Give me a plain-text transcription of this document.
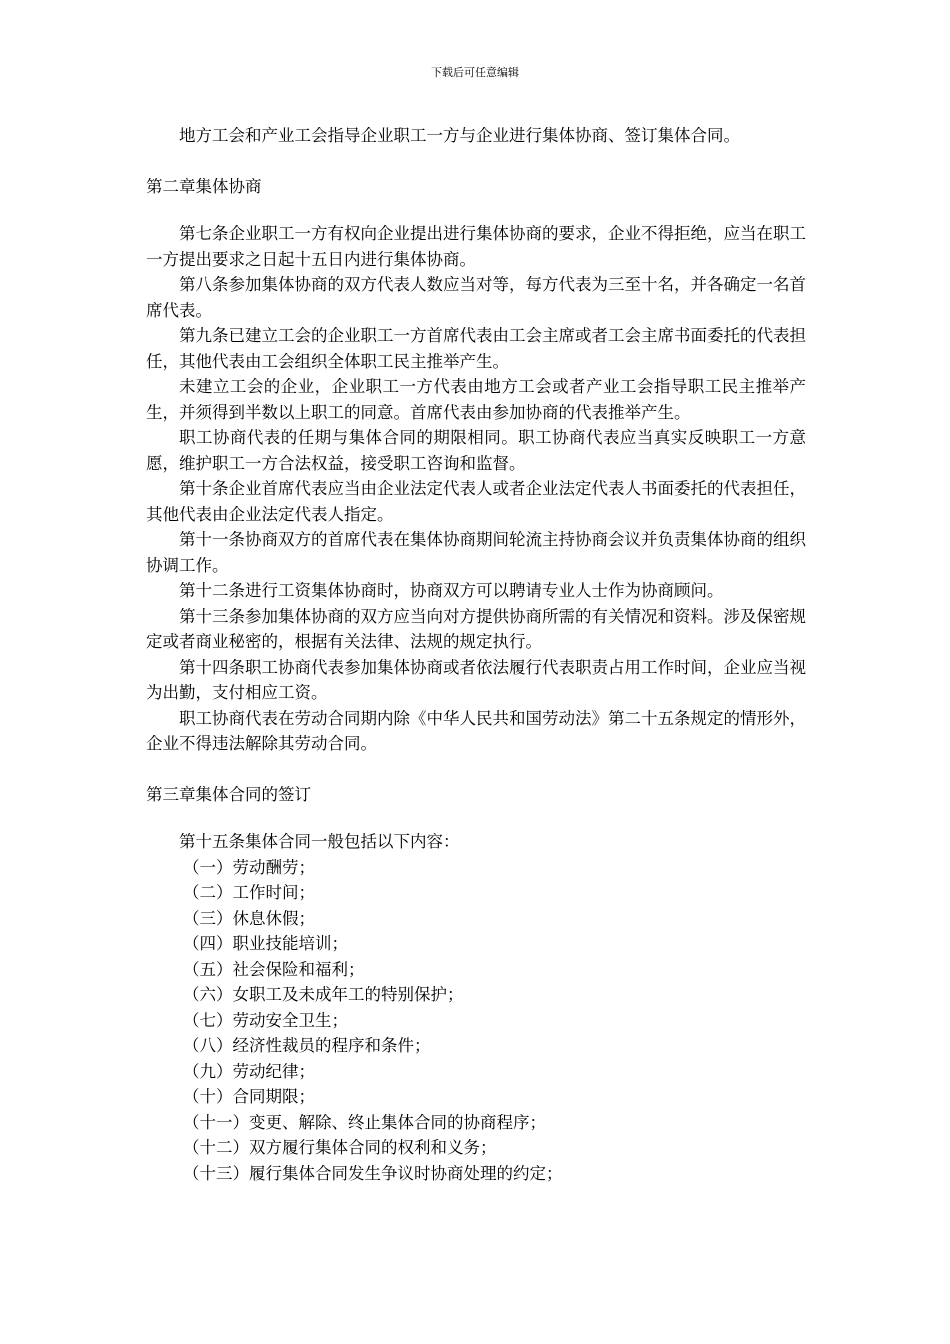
下载后可任意编辑

地方工会和产业工会指导企业职工一方与企业进行集体协商、签订集体合同。

第二章集体协商

第七条企业职工一方有权向企业提出进行集体协商的要求，企业不得拒绝，应当在职工一方提出要求之日起十五日内进行集体协商。

第八条参加集体协商的双方代表人数应当对等，每方代表为三至十名，并各确定一名首席代表。

第九条已建立工会的企业职工一方首席代表由工会主席或者工会主席书面委托的代表担任，其他代表由工会组织全体职工民主推举产生。

未建立工会的企业，企业职工一方代表由地方工会或者产业工会指导职工民主推举产生，并须得到半数以上职工的同意。首席代表由参加协商的代表推举产生。

职工协商代表的任期与集体合同的期限相同。职工协商代表应当真实反映职工一方意愿，维护职工一方合法权益，接受职工咨询和监督。

第十条企业首席代表应当由企业法定代表人或者企业法定代表人书面委托的代表担任，其他代表由企业法定代表人指定。

第十一条协商双方的首席代表在集体协商期间轮流主持协商会议并负责集体协商的组织协调工作。

第十二条进行工资集体协商时，协商双方可以聘请专业人士作为协商顾问。

第十三条参加集体协商的双方应当向对方提供协商所需的有关情况和资料。涉及保密规定或者商业秘密的，根据有关法律、法规的规定执行。

第十四条职工协商代表参加集体协商或者依法履行代表职责占用工作时间，企业应当视为出勤，支付相应工资。

职工协商代表在劳动合同期内除《中华人民共和国劳动法》第二十五条规定的情形外，企业不得违法解除其劳动合同。

第三章集体合同的签订

第十五条集体合同一般包括以下内容：

（一）劳动酬劳；

（二）工作时间；

（三）休息休假；

（四）职业技能培训；

（五）社会保险和福利；

（六）女职工及未成年工的特别保护；

（七）劳动安全卫生；

（八）经济性裁员的程序和条件；

（九）劳动纪律；

（十）合同期限；

（十一）变更、解除、终止集体合同的协商程序；

（十二）双方履行集体合同的权利和义务；

（十三）履行集体合同发生争议时协商处理的约定；
